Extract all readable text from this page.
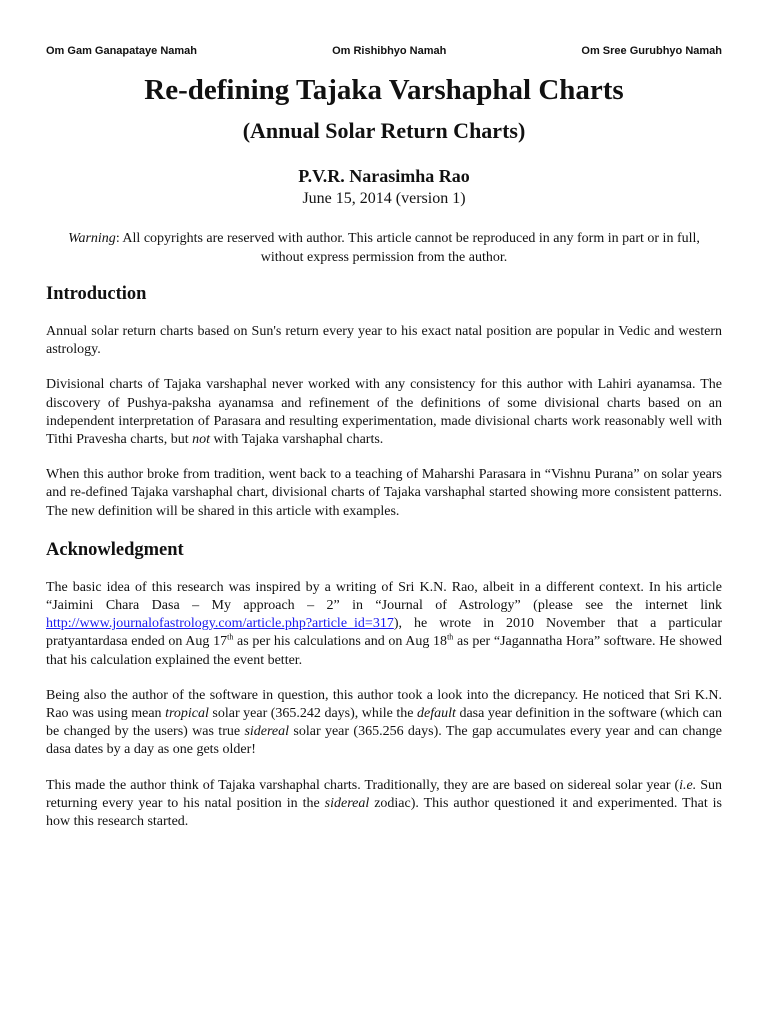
Om Gam Ganapataye Namah	Om Rishibhyo Namah	Om Sree Gurubhyo Namah
Re-defining Tajaka Varshaphal Charts
(Annual Solar Return Charts)
P.V.R. Narasimha Rao
June 15, 2014 (version 1)
Warning: All copyrights are reserved with author. This article cannot be reproduced in any form in part or in full, without express permission from the author.
Introduction

Annual solar return charts based on Sun's return every year to his exact natal position are popular in Vedic and western astrology.

Divisional charts of Tajaka varshaphal never worked with any consistency for this author with Lahiri ayanamsa. The discovery of Pushya-paksha ayanamsa and refinement of the definitions of some divisional charts based on an independent interpretation of Parasara and resulting experimentation, made divisional charts work reasonably well with Tithi Pravesha charts, but not with Tajaka varshaphal charts.

When this author broke from tradition, went back to a teaching of Maharshi Parasara in “Vishnu Purana” on solar years and re-defined Tajaka varshaphal chart, divisional charts of Tajaka varshaphal started showing more consistent patterns. The new definition will be shared in this article with examples.

Acknowledgment

The basic idea of this research was inspired by a writing of Sri K.N. Rao, albeit in a different context. In his article “Jaimini Chara Dasa – My approach – 2” in “Journal of Astrology” (please see the internet link http://www.journalofastrology.com/article.php?article_id=317), he wrote in 2010 November that a particular pratyantardasa ended on Aug 17th as per his calculations and on Aug 18th as per “Jagannatha Hora” software. He showed that his calculation explained the event better.

Being also the author of the software in question, this author took a look into the dicrepancy. He noticed that Sri K.N. Rao was using mean tropical solar year (365.242 days), while the default dasa year definition in the software (which can be changed by the users) was true sidereal solar year (365.256 days). The gap accumulates every year and can change dasa dates by a day as one gets older!

This made the author think of Tajaka varshaphal charts. Traditionally, they are are based on sidereal solar year (i.e. Sun returning every year to his natal position in the sidereal zodiac). This author questioned it and experimented. That is how this research started.
